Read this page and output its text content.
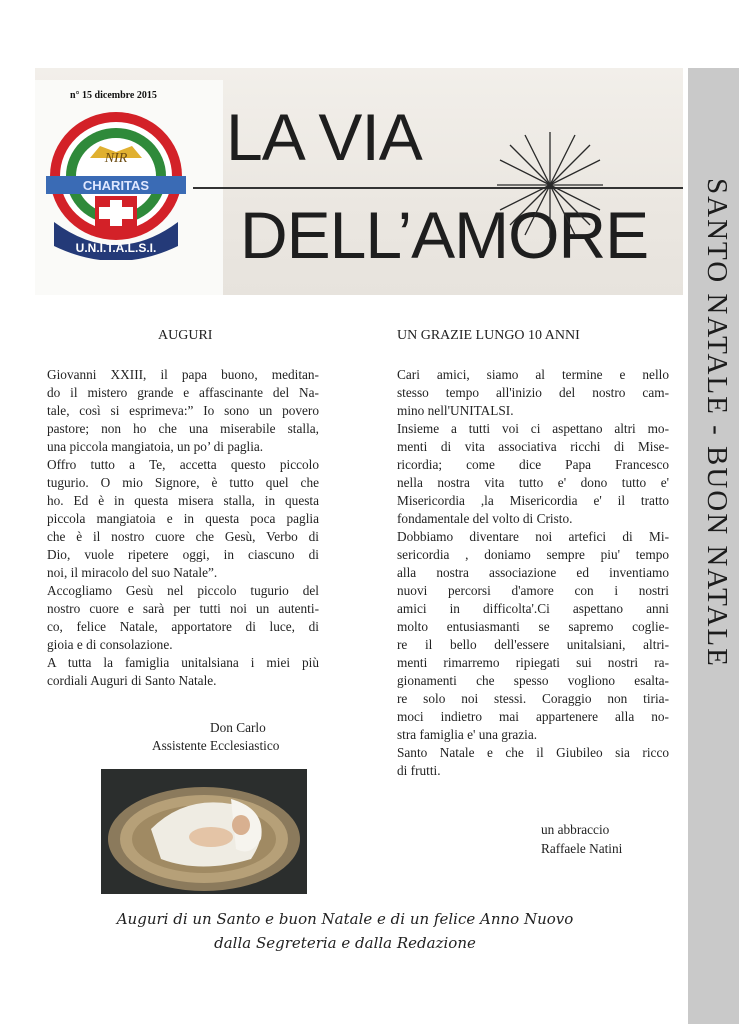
n° 15 dicembre 2015
NIR
CHARITAS
U.N.I.T.A.L.S.I.
LA VIA
DELL’AMORE SANTO NATALE - BUON NATALE
AUGURI

Giovanni XXIII, il papa buono, meditan-

do il mistero grande e affascinante del Na-

tale, così si esprimeva:” Io sono un povero

pastore; non ho che una miserabile stalla,

una piccola mangiatoia, un po’ di paglia.

Offro tutto a Te, accetta questo piccolo

tugurio. O mio Signore, è tutto quel che

ho. Ed è in questa misera stalla, in questa

piccola mangiatoia e in questa poca paglia

che è il nostro cuore che Gesù, Verbo di

Dio, vuole ripetere oggi, in ciascuno di

noi, il miracolo del suo Natale”.

Accogliamo Gesù nel piccolo tugurio del

nostro cuore e sarà per tutti noi un autenti-

co, felice Natale, apportatore di luce, di

gioia e di consolazione.

A tutta la famiglia unitalsiana i miei più

cordiali Auguri di Santo Natale.

Don Carlo
Assistente Ecclesiastico
UN GRAZIE LUNGO 10 ANNI

Cari amici, siamo al termine e nello

stesso tempo all'inizio del nostro cam-

mino nell'UNITALSI.

Insieme a tutti voi ci aspettano altri mo-

menti di vita associativa ricchi di Mise-

ricordia; come dice Papa Francesco

nella nostra vita tutto e' dono tutto e'

Misericordia ,la Misericordia e' il tratto

fondamentale del volto di Cristo.

Dobbiamo diventare noi artefici di Mi-

sericordia , doniamo sempre piu' tempo

alla nostra associazione ed inventiamo

nuovi percorsi d'amore con i nostri

amici in difficolta'.Ci aspettano anni

molto entusiasmanti se sapremo coglie-

re il bello dell'essere unitalsiani, altri-

menti rimarremo ripiegati sui nostri ra-

gionamenti che spesso vogliono esalta-

re solo noi stessi. Coraggio non tiria-

moci indietro mai appartenere alla no-

stra famiglia e' una grazia.

Santo Natale e che il Giubileo sia ricco

di frutti.

un abbraccio
Raffaele Natini
Auguri di un Santo e buon Natale e di un felice Anno Nuovo
dalla Segreteria e dalla Redazione
